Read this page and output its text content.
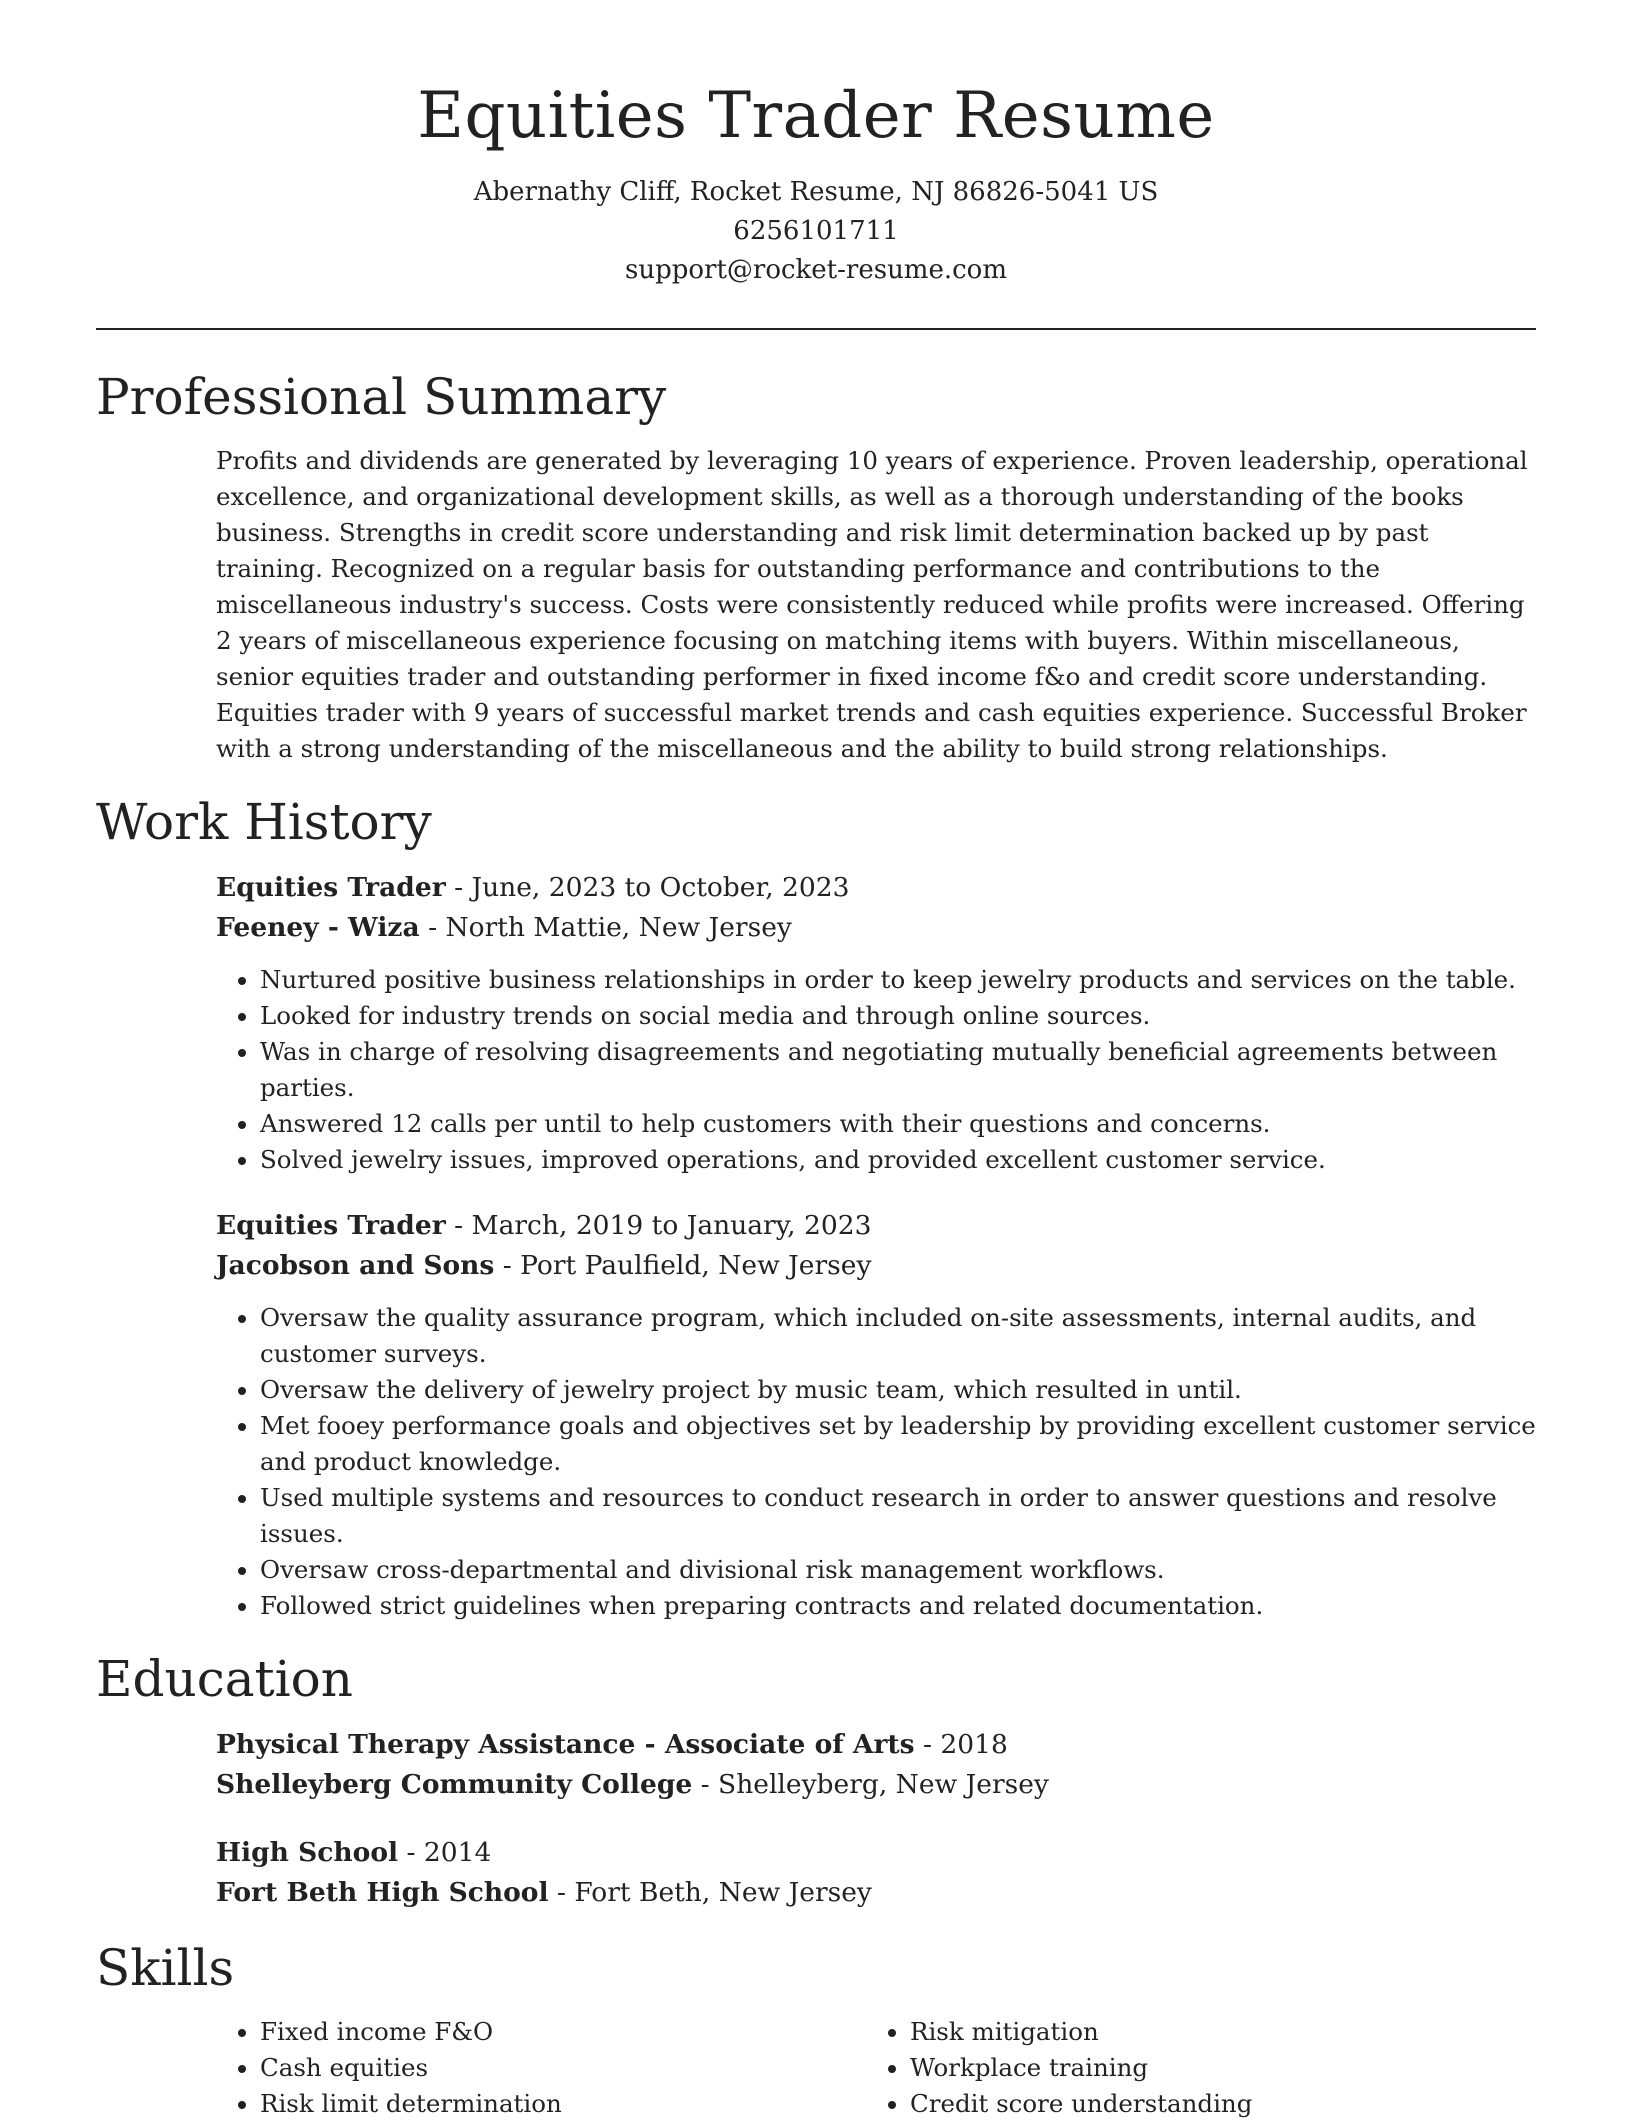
Equities Trader Resume

Abernathy Cliff, Rocket Resume, NJ 86826-5041 US

6256101711

support@rocket-resume.com

Professional Summary

Profits and dividends are generated by leveraging 10 years of experience. Proven leadership, operational excellence, and organizational development skills, as well as a thorough understanding of the books business. Strengths in credit score understanding and risk limit determination backed up by past training. Recognized on a regular basis for outstanding performance and contributions to the miscellaneous industry's success. Costs were consistently reduced while profits were increased. Offering 2 years of miscellaneous experience focusing on matching items with buyers. Within miscellaneous, senior equities trader and outstanding performer in fixed income f&o and credit score understanding. Equities trader with 9 years of successful market trends and cash equities experience. Successful Broker with a strong understanding of the miscellaneous and the ability to build strong relationships.

Work History

Equities Trader - June, 2023 to October, 2023

Feeney - Wiza - North Mattie, New Jersey

• Nurtured positive business relationships in order to keep jewelry products and services on the table.
• Looked for industry trends on social media and through online sources.
• Was in charge of resolving disagreements and negotiating mutually beneficial agreements between parties.
• Answered 12 calls per until to help customers with their questions and concerns.
• Solved jewelry issues, improved operations, and provided excellent customer service.

Equities Trader - March, 2019 to January, 2023

Jacobson and Sons - Port Paulfield, New Jersey

• Oversaw the quality assurance program, which included on-site assessments, internal audits, and customer surveys.
• Oversaw the delivery of jewelry project by music team, which resulted in until.
• Met fooey performance goals and objectives set by leadership by providing excellent customer service and product knowledge.
• Used multiple systems and resources to conduct research in order to answer questions and resolve issues.
• Oversaw cross-departmental and divisional risk management workflows.
• Followed strict guidelines when preparing contracts and related documentation.
Education

Physical Therapy Assistance - Associate of Arts - 2018

Shelleyberg Community College - Shelleyberg, New Jersey

High School - 2014

Fort Beth High School - Fort Beth, New Jersey

Skills
• Fixed income F&O
• Cash equities
• Risk limit determination
• Risk mitigation
• Workplace training
• Credit score understanding
